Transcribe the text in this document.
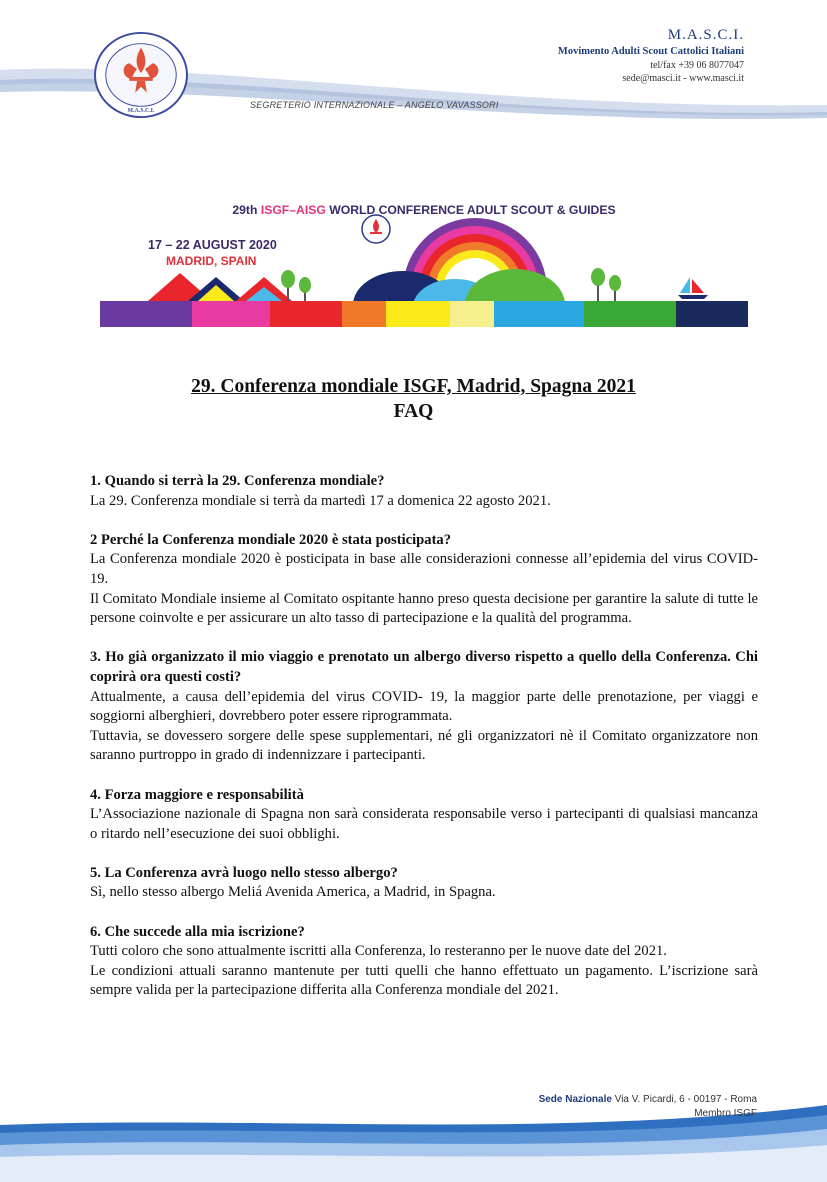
M.A.S.C.I.
M.A.S.C.I.
Movimento Adulti Scout Cattolici Italiani
tel/fax +39 06 8077047
sede@masci.it - www.masci.it
SEGRETERIO INTERNAZIONALE – ANGELO VAVASSORI
29th ISGF–AISG WORLD CONFERENCE ADULT SCOUT & GUIDES
17 – 22 AUGUST 2020
MADRID, SPAIN
29. Conferenza mondiale ISGF, Madrid, Spagna 2021
FAQ
1. Quando si terrà la 29. Conferenza mondiale?
La 29. Conferenza mondiale si terrà da martedì 17 a domenica 22 agosto 2021.
2 Perché la Conferenza mondiale 2020 è stata posticipata?
La Conferenza mondiale 2020 è posticipata in base alle considerazioni connesse all’epidemia del virus COVID-19.
Il Comitato Mondiale insieme al Comitato ospitante hanno preso questa decisione per garantire la salute di tutte le persone coinvolte e per assicurare un alto tasso di partecipazione e la qualità del programma.
3. Ho già organizzato il mio viaggio e prenotato un albergo diverso rispetto a quello della Conferenza. Chi coprirà ora questi costi?
Attualmente, a causa dell’epidemia del virus COVID- 19, la maggior parte delle prenotazione, per viaggi e soggiorni alberghieri, dovrebbero poter essere riprogrammata.
Tuttavia, se dovessero sorgere delle spese supplementari, né gli organizzatori nè il Comitato organizzatore non saranno purtroppo in grado di indennizzare i partecipanti.
4. Forza maggiore e responsabilità
L’Associazione nazionale di Spagna non sarà considerata responsabile verso i partecipanti di qualsiasi mancanza o ritardo nell’esecuzione dei suoi obblighi.
5. La Conferenza avrà luogo nello stesso albergo?
Sì, nello stesso albergo Meliá Avenida America, a Madrid, in Spagna.
6. Che succede alla mia iscrizione?
Tutti coloro che sono attualmente iscritti alla Conferenza, lo resteranno per le nuove date del 2021.
Le condizioni attuali saranno mantenute per tutti quelli che hanno effettuato un pagamento. L’iscrizione sarà sempre valida per la partecipazione differita alla Conferenza mondiale del 2021.
Sede Nazionale Via V. Picardi, 6 - 00197 - Roma
Membro ISGF
